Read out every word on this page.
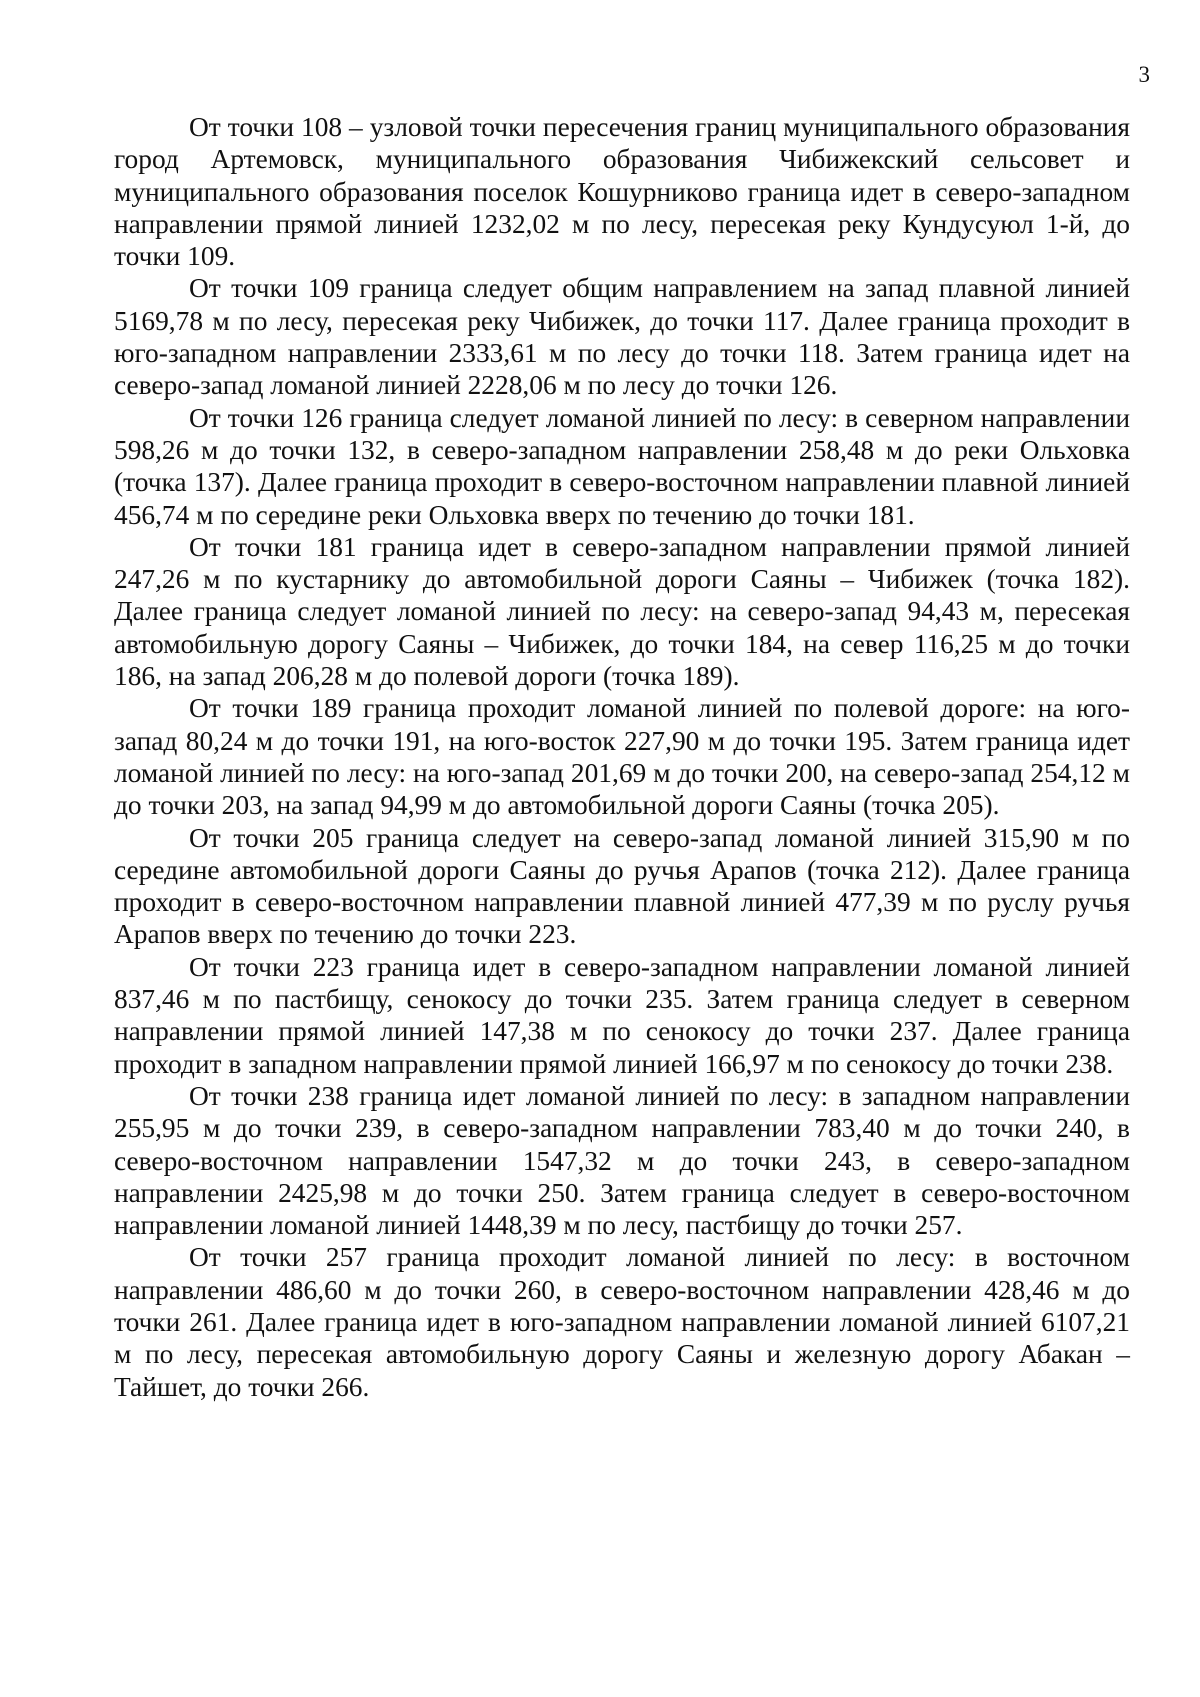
3

От точки 108 – узловой точки пересечения границ муниципального образования город Артемовск, муниципального образования Чибижекский сельсовет и муниципального образования поселок Кошурниково граница идет в северо-западном направлении прямой линией 1232,02 м по лесу, пересекая реку Кундусуюл 1-й, до точки 109.

От точки 109 граница следует общим направлением на запад плавной линией 5169,78 м по лесу, пересекая реку Чибижек, до точки 117. Далее граница проходит в юго-западном направлении 2333,61 м по лесу до точки 118. Затем граница идет на северо-запад ломаной линией 2228,06 м по лесу до точки 126.

От точки 126 граница следует ломаной линией по лесу: в северном направлении 598,26 м до точки 132, в северо-западном направлении 258,48 м до реки Ольховка (точка 137). Далее граница проходит в северо-восточном направлении плавной линией 456,74 м по середине реки Ольховка вверх по течению до точки 181.

От точки 181 граница идет в северо-западном направлении прямой линией 247,26 м по кустарнику до автомобильной дороги Саяны – Чибижек (точка 182). Далее граница следует ломаной линией по лесу: на северо-запад 94,43 м, пересекая автомобильную дорогу Саяны – Чибижек, до точки 184, на север 116,25 м до точки 186, на запад 206,28 м до полевой дороги (точка 189).

От точки 189 граница проходит ломаной линией по полевой дороге: на юго-запад 80,24 м до точки 191, на юго-восток 227,90 м до точки 195. Затем граница идет ломаной линией по лесу: на юго-запад 201,69 м до точки 200, на северо-запад 254,12 м до точки 203, на запад 94,99 м до автомобильной дороги Саяны (точка 205).

От точки 205 граница следует на северо-запад ломаной линией 315,90 м по середине автомобильной дороги Саяны до ручья Арапов (точка 212). Далее граница проходит в северо-восточном направлении плавной линией 477,39 м по руслу ручья Арапов вверх по течению до точки 223.

От точки 223 граница идет в северо-западном направлении ломаной линией 837,46 м по пастбищу, сенокосу до точки 235. Затем граница следует в северном направлении прямой линией 147,38 м по сенокосу до точки 237. Далее граница проходит в западном направлении прямой линией 166,97 м по сенокосу до точки 238.

От точки 238 граница идет ломаной линией по лесу: в западном направлении 255,95 м до точки 239, в северо-западном направлении 783,40 м до точки 240, в северо-восточном направлении 1547,32 м до точки 243, в северо-западном направлении 2425,98 м до точки 250. Затем граница следует в северо-восточном направлении ломаной линией 1448,39 м по лесу, пастбищу до точки 257.

От точки 257 граница проходит ломаной линией по лесу: в восточном направлении 486,60 м до точки 260, в северо-восточном направлении 428,46 м до точки 261. Далее граница идет в юго-западном направлении ломаной линией 6107,21 м по лесу, пересекая автомобильную дорогу Саяны и железную дорогу Абакан – Тайшет, до точки 266.
